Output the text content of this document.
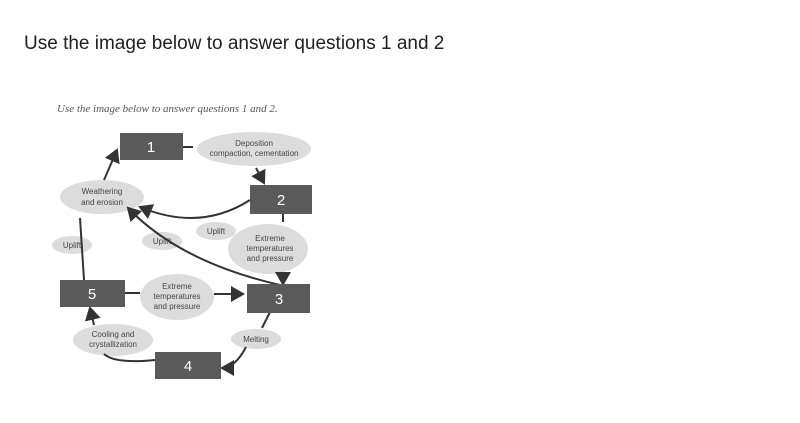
Use the image below to answer questions 1 and 2
Use the image below to answer questions 1 and 2.
1
2
3
4
5
Deposition
compaction, cementation
Weathering
and erosion
Uplift
Uplift
Uplift
Extreme
temperatures
and pressure
Extreme
temperatures
and pressure
Melting
Cooling and
crystallization
